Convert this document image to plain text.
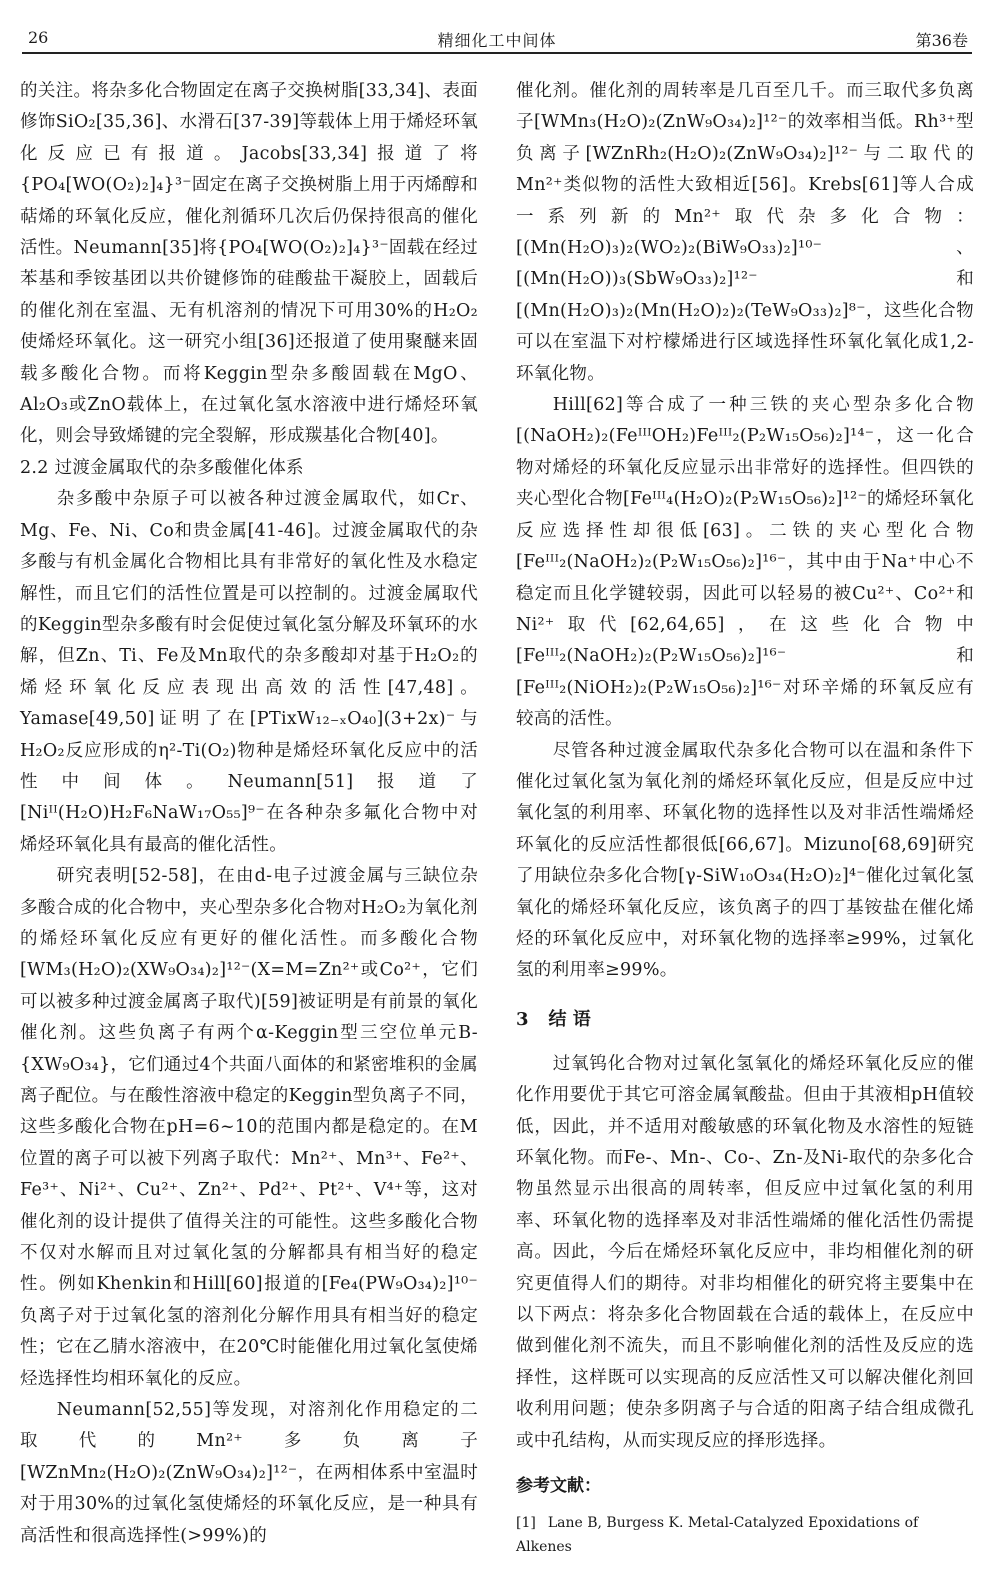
26	精细化工中间体	第36卷

的关注。将杂多化合物固定在离子交换树脂[33,34]、表面修饰SiO₂[35,36]、水滑石[37-39]等载体上用于烯烃环氧化反应已有报道。Jacobs[33,34]报道了将{PO₄[WO(O₂)₂]₄}³⁻固定在离子交换树脂上用于丙烯醇和萜烯的环氧化反应，催化剂循环几次后仍保持很高的催化活性。Neumann[35]将{PO₄[WO(O₂)₂]₄}³⁻固载在经过苯基和季铵基团以共价键修饰的硅酸盐干凝胶上，固载后的催化剂在室温、无有机溶剂的情况下可用30%的H₂O₂使烯烃环氧化。这一研究小组[36]还报道了使用聚醚来固载多酸化合物。而将Keggin型杂多酸固载在MgO、Al₂O₃或ZnO载体上，在过氧化氢水溶液中进行烯烃环氧化，则会导致烯键的完全裂解，形成羰基化合物[40]。

2.2 过渡金属取代的杂多酸催化体系

杂多酸中杂原子可以被各种过渡金属取代，如Cr、Mg、Fe、Ni、Co和贵金属[41-46]。过渡金属取代的杂多酸与有机金属化合物相比具有非常好的氧化性及水稳定解性，而且它们的活性位置是可以控制的。过渡金属取代的Keggin型杂多酸有时会促使过氧化氢分解及环氧环的水解，但Zn、Ti、Fe及Mn取代的杂多酸却对基于H₂O₂的烯烃环氧化反应表现出高效的活性[47,48]。Yamase[49,50]证明了在[PTixW₁₂₋ₓO₄₀](3+2x)⁻与H₂O₂反应形成的η²-Ti(O₂)物种是烯烃环氧化反应中的活性中间体。Neumann[51]报道了[Niᴵᴵ(H₂O)H₂F₆NaW₁₇O₅₅]⁹⁻在各种杂多氟化合物中对烯烃环氧化具有最高的催化活性。

研究表明[52-58]，在由d-电子过渡金属与三缺位杂多酸合成的化合物中，夹心型杂多化合物对H₂O₂为氧化剂的烯烃环氧化反应有更好的催化活性。而多酸化合物[WM₃(H₂O)₂(XW₉O₃₄)₂]¹²⁻(X=M=Zn²⁺或Co²⁺，它们可以被多种过渡金属离子取代)[59]被证明是有前景的氧化催化剂。这些负离子有两个α-Keggin型三空位单元B-{XW₉O₃₄}，它们通过4个共面八面体的和紧密堆积的金属离子配位。与在酸性溶液中稳定的Keggin型负离子不同，这些多酸化合物在pH=6~10的范围内都是稳定的。在M位置的离子可以被下列离子取代：Mn²⁺、Mn³⁺、Fe²⁺、Fe³⁺、Ni²⁺、Cu²⁺、Zn²⁺、Pd²⁺、Pt²⁺、V⁴⁺等，这对催化剂的设计提供了值得关注的可能性。这些多酸化合物不仅对水解而且对过氧化氢的分解都具有相当好的稳定性。例如Khenkin和Hill[60]报道的[Fe₄(PW₉O₃₄)₂]¹⁰⁻负离子对于过氧化氢的溶剂化分解作用具有相当好的稳定性；它在乙腈水溶液中，在20℃时能催化用过氧化氢使烯烃选择性均相环氧化的反应。

Neumann[52,55]等发现，对溶剂化作用稳定的二取代的Mn²⁺多负离子[WZnMn₂(H₂O)₂(ZnW₉O₃₄)₂]¹²⁻，在两相体系中室温时对于用30%的过氧化氢使烯烃的环氧化反应，是一种具有高活性和很高选择性(>99%)的

催化剂。催化剂的周转率是几百至几千。而三取代多负离子[WMn₃(H₂O)₂(ZnW₉O₃₄)₂]¹²⁻的效率相当低。Rh³⁺型负离子[WZnRh₂(H₂O)₂(ZnW₉O₃₄)₂]¹²⁻与二取代的Mn²⁺类似物的活性大致相近[56]。Krebs[61]等人合成一系列新的Mn²⁺取代杂多化合物：[(Mn(H₂O)₃)₂(WO₂)₂(BiW₉O₃₃)₂]¹⁰⁻、[(Mn(H₂O))₃(SbW₉O₃₃)₂]¹²⁻和[(Mn(H₂O)₃)₂(Mn(H₂O)₂)₂(TeW₉O₃₃)₂]⁸⁻，这些化合物可以在室温下对柠檬烯进行区域选择性环氧化氧化成1,2-环氧化物。

Hill[62]等合成了一种三铁的夹心型杂多化合物[(NaOH₂)₂(FeᴵᴵᴵOH₂)Feᴵᴵᴵ₂(P₂W₁₅O₅₆)₂]¹⁴⁻，这一化合物对烯烃的环氧化反应显示出非常好的选择性。但四铁的夹心型化合物[Feᴵᴵᴵ₄(H₂O)₂(P₂W₁₅O₅₆)₂]¹²⁻的烯烃环氧化反应选择性却很低[63]。二铁的夹心型化合物[Feᴵᴵᴵ₂(NaOH₂)₂(P₂W₁₅O₅₆)₂]¹⁶⁻，其中由于Na⁺中心不稳定而且化学键较弱，因此可以轻易的被Cu²⁺、Co²⁺和Ni²⁺取代[62,64,65]，在这些化合物中[Feᴵᴵᴵ₂(NaOH₂)₂(P₂W₁₅O₅₆)₂]¹⁶⁻和[Feᴵᴵᴵ₂(NiOH₂)₂(P₂W₁₅O₅₆)₂]¹⁶⁻对环辛烯的环氧反应有较高的活性。

尽管各种过渡金属取代杂多化合物可以在温和条件下催化过氧化氢为氧化剂的烯烃环氧化反应，但是反应中过氧化氢的利用率、环氧化物的选择性以及对非活性端烯烃环氧化的反应活性都很低[66,67]。Mizuno[68,69]研究了用缺位杂多化合物[γ-SiW₁₀O₃₄(H₂O)₂]⁴⁻催化过氧化氢氧化的烯烃环氧化反应，该负离子的四丁基铵盐在催化烯烃的环氧化反应中，对环氧化物的选择率≥99%，过氧化氢的利用率≥99%。

3 结 语

过氧钨化合物对过氧化氢氧化的烯烃环氧化反应的催化作用要优于其它可溶金属氧酸盐。但由于其液相pH值较低，因此，并不适用对酸敏感的环氧化物及水溶性的短链环氧化物。而Fe-、Mn-、Co-、Zn-及Ni-取代的杂多化合物虽然显示出很高的周转率，但反应中过氧化氢的利用率、环氧化物的选择率及对非活性端烯的催化活性仍需提高。因此，今后在烯烃环氧化反应中，非均相催化剂的研究更值得人们的期待。对非均相催化的研究将主要集中在以下两点：将杂多化合物固载在合适的载体上，在反应中做到催化剂不流失，而且不影响催化剂的活性及反应的选择性，这样既可以实现高的反应活性又可以解决催化剂回收利用问题；使杂多阴离子与合适的阳离子结合组成微孔或中孔结构，从而实现反应的择形选择。

参考文献：
[1] Lane B, Burgess K. Metal-Catalyzed Epoxidations of Alkenes
